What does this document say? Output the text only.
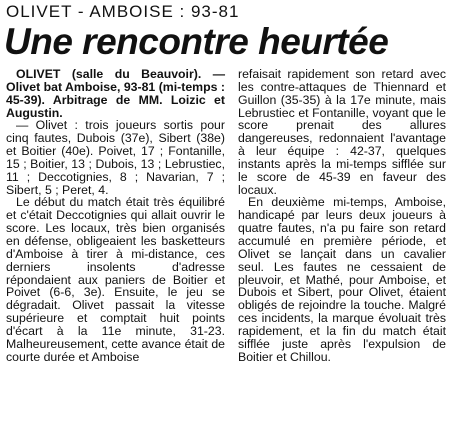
OLIVET - AMBOISE : 93-81
Une rencontre heurtée

OLIVET (salle du Beauvoir). — Olivet bat Amboise, 93-81 (mi-temps : 45-39). Arbitrage de MM. Loizic et Augustin.

— Olivet : trois joueurs sortis pour cinq fautes, Dubois (37e), Sibert (38e) et Boitier (40e). Poivet, 17 ; Fontanille, 15 ; Boitier, 13 ; Dubois, 13 ; Lebrustiec, 11 ; Deccotignies, 8 ; Navarian, 7 ; Sibert, 5 ; Peret, 4.

Le début du match était très équilibré et c'était Deccotignies qui allait ouvrir le score. Les locaux, très bien organisés en défense, obligeaient les basketteurs d'Amboise à tirer à mi-distance, ces derniers insolents d'adresse répondaient aux paniers de Boitier et Poivet (6-6, 3e). Ensuite, le jeu se dégradait. Olivet passait la vitesse supérieure et comptait huit points d'écart à la 11e minute, 31-23. Malheureusement, cette avance était de courte durée et Amboise

refaisait rapidement son retard avec les contre-attaques de Thiennard et Guillon (35-35) à la 17e minute, mais Lebrustiec et Fontanille, voyant que le score prenait des allures dangereuses, redonnaient l'avantage à leur équipe : 42-37, quelques instants après la mi-temps sifflée sur le score de 45-39 en faveur des locaux.

En deuxième mi-temps, Amboise, handicapé par leurs deux joueurs à quatre fautes, n'a pu faire son retard accumulé en première période, et Olivet se lançait dans un cavalier seul. Les fautes ne cessaient de pleuvoir, et Mathé, pour Amboise, et Dubois et Sibert, pour Olivet, étaient obligés de rejoindre la touche. Malgré ces incidents, la marque évoluait très rapidement, et la fin du match était sifflée juste après l'expulsion de Boitier et Chillou.
